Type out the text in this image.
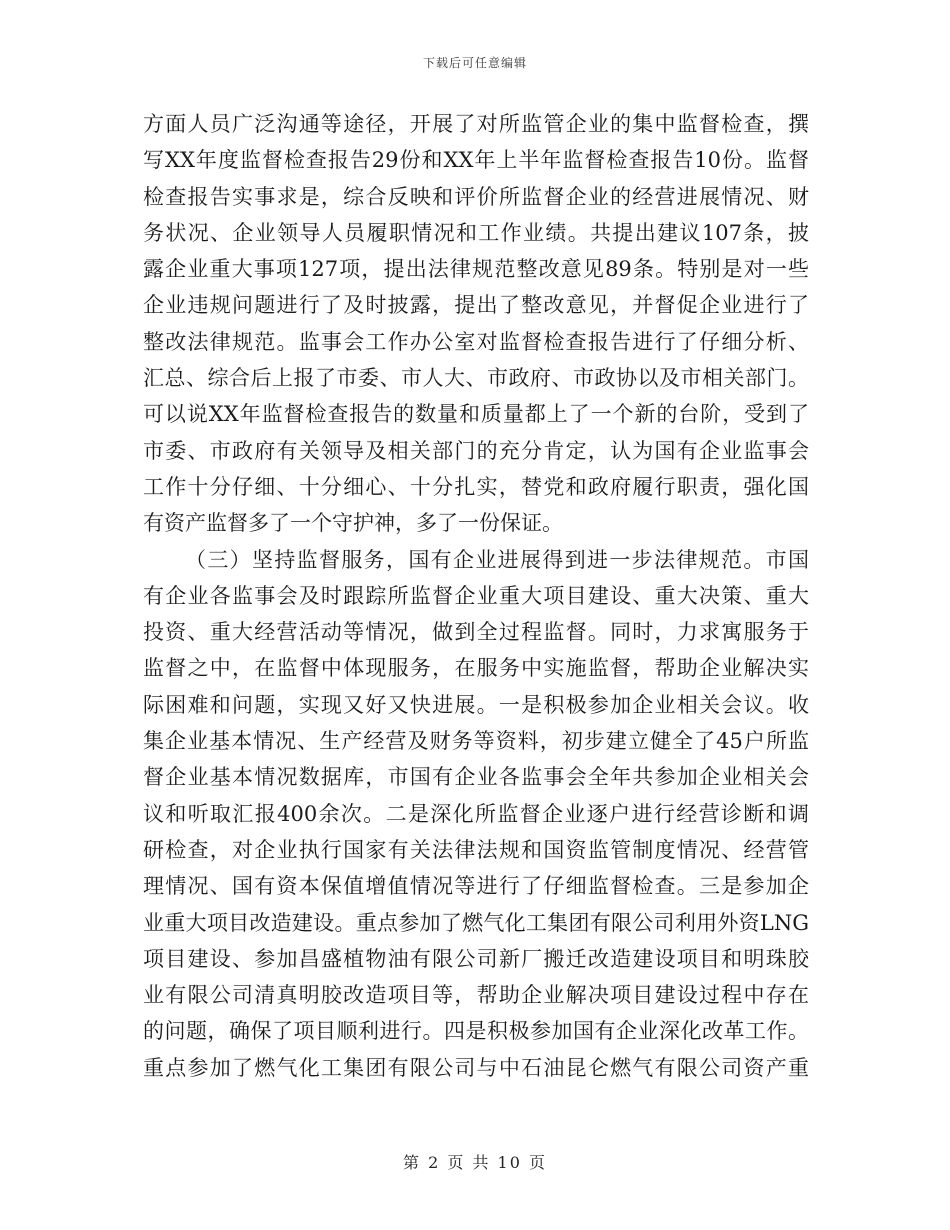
下载后可任意编辑
方面人员广泛沟通等途径，开展了对所监管企业的集中监督检查，撰
写XX年度监督检查报告29份和XX年上半年监督检查报告10份。监督
检查报告实事求是，综合反映和评价所监督企业的经营进展情况、财
务状况、企业领导人员履职情况和工作业绩。共提出建议107条，披
露企业重大事项127项，提出法律规范整改意见89条。特别是对一些
企业违规问题进行了及时披露，提出了整改意见，并督促企业进行了
整改法律规范。监事会工作办公室对监督检查报告进行了仔细分析、
汇总、综合后上报了市委、市人大、市政府、市政协以及市相关部门。
可以说XX年监督检查报告的数量和质量都上了一个新的台阶，受到了
市委、市政府有关领导及相关部门的充分肯定，认为国有企业监事会
工作十分仔细、十分细心、十分扎实，替党和政府履行职责，强化国
有资产监督多了一个守护神，多了一份保证。
（三）坚持监督服务，国有企业进展得到进一步法律规范。市国
有企业各监事会及时跟踪所监督企业重大项目建设、重大决策、重大
投资、重大经营活动等情况，做到全过程监督。同时，力求寓服务于
监督之中，在监督中体现服务，在服务中实施监督，帮助企业解决实
际困难和问题，实现又好又快进展。一是积极参加企业相关会议。收
集企业基本情况、生产经营及财务等资料，初步建立健全了45户所监
督企业基本情况数据库，市国有企业各监事会全年共参加企业相关会
议和听取汇报400余次。二是深化所监督企业逐户进行经营诊断和调
研检查，对企业执行国家有关法律法规和国资监管制度情况、经营管
理情况、国有资本保值增值情况等进行了仔细监督检查。三是参加企
业重大项目改造建设。重点参加了燃气化工集团有限公司利用外资LNG
项目建设、参加昌盛植物油有限公司新厂搬迁改造建设项目和明珠胶
业有限公司清真明胶改造项目等，帮助企业解决项目建设过程中存在
的问题，确保了项目顺利进行。四是积极参加国有企业深化改革工作。
重点参加了燃气化工集团有限公司与中石油昆仑燃气有限公司资产重
第 2 页 共 10 页
